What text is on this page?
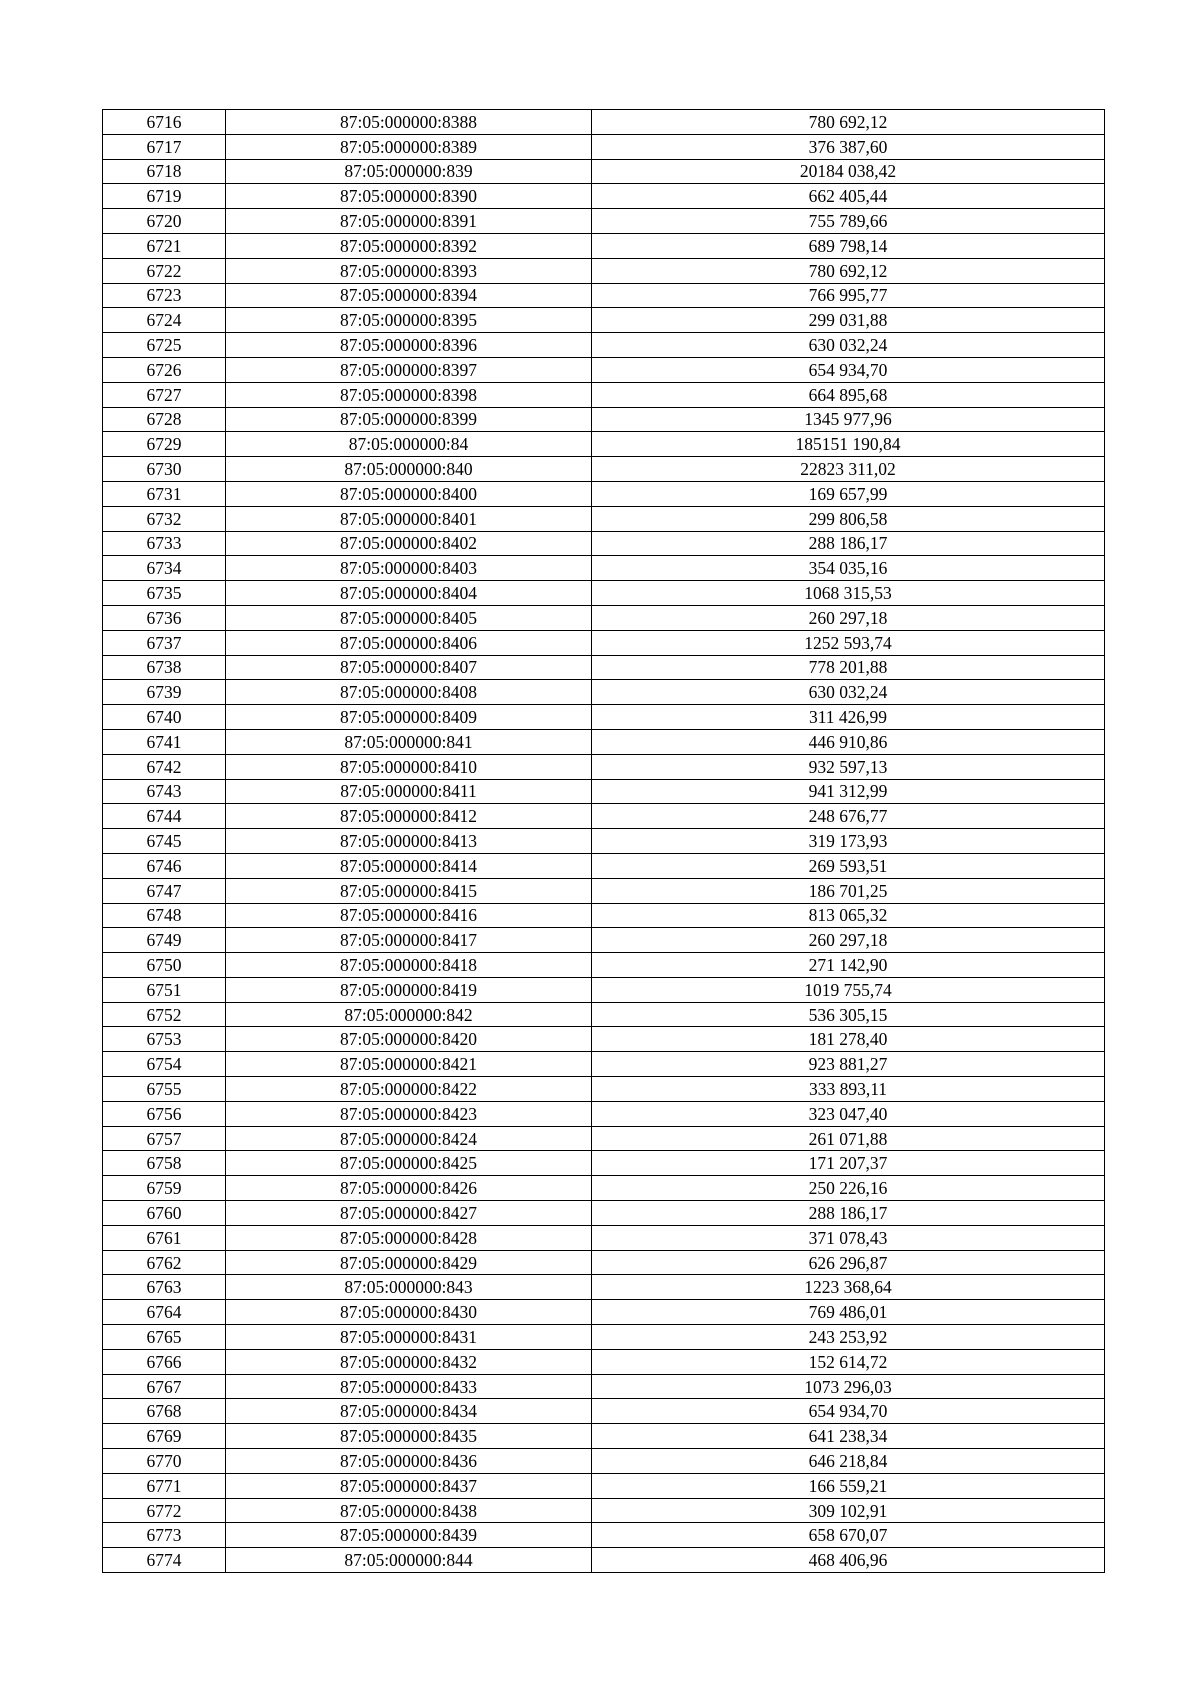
6716	87:05:000000:8388	780 692,12
6717	87:05:000000:8389	376 387,60
6718	87:05:000000:839	20184 038,42
6719	87:05:000000:8390	662 405,44
6720	87:05:000000:8391	755 789,66
6721	87:05:000000:8392	689 798,14
6722	87:05:000000:8393	780 692,12
6723	87:05:000000:8394	766 995,77
6724	87:05:000000:8395	299 031,88
6725	87:05:000000:8396	630 032,24
6726	87:05:000000:8397	654 934,70
6727	87:05:000000:8398	664 895,68
6728	87:05:000000:8399	1345 977,96
6729	87:05:000000:84	185151 190,84
6730	87:05:000000:840	22823 311,02
6731	87:05:000000:8400	169 657,99
6732	87:05:000000:8401	299 806,58
6733	87:05:000000:8402	288 186,17
6734	87:05:000000:8403	354 035,16
6735	87:05:000000:8404	1068 315,53
6736	87:05:000000:8405	260 297,18
6737	87:05:000000:8406	1252 593,74
6738	87:05:000000:8407	778 201,88
6739	87:05:000000:8408	630 032,24
6740	87:05:000000:8409	311 426,99
6741	87:05:000000:841	446 910,86
6742	87:05:000000:8410	932 597,13
6743	87:05:000000:8411	941 312,99
6744	87:05:000000:8412	248 676,77
6745	87:05:000000:8413	319 173,93
6746	87:05:000000:8414	269 593,51
6747	87:05:000000:8415	186 701,25
6748	87:05:000000:8416	813 065,32
6749	87:05:000000:8417	260 297,18
6750	87:05:000000:8418	271 142,90
6751	87:05:000000:8419	1019 755,74
6752	87:05:000000:842	536 305,15
6753	87:05:000000:8420	181 278,40
6754	87:05:000000:8421	923 881,27
6755	87:05:000000:8422	333 893,11
6756	87:05:000000:8423	323 047,40
6757	87:05:000000:8424	261 071,88
6758	87:05:000000:8425	171 207,37
6759	87:05:000000:8426	250 226,16
6760	87:05:000000:8427	288 186,17
6761	87:05:000000:8428	371 078,43
6762	87:05:000000:8429	626 296,87
6763	87:05:000000:843	1223 368,64
6764	87:05:000000:8430	769 486,01
6765	87:05:000000:8431	243 253,92
6766	87:05:000000:8432	152 614,72
6767	87:05:000000:8433	1073 296,03
6768	87:05:000000:8434	654 934,70
6769	87:05:000000:8435	641 238,34
6770	87:05:000000:8436	646 218,84
6771	87:05:000000:8437	166 559,21
6772	87:05:000000:8438	309 102,91
6773	87:05:000000:8439	658 670,07
6774	87:05:000000:844	468 406,96
